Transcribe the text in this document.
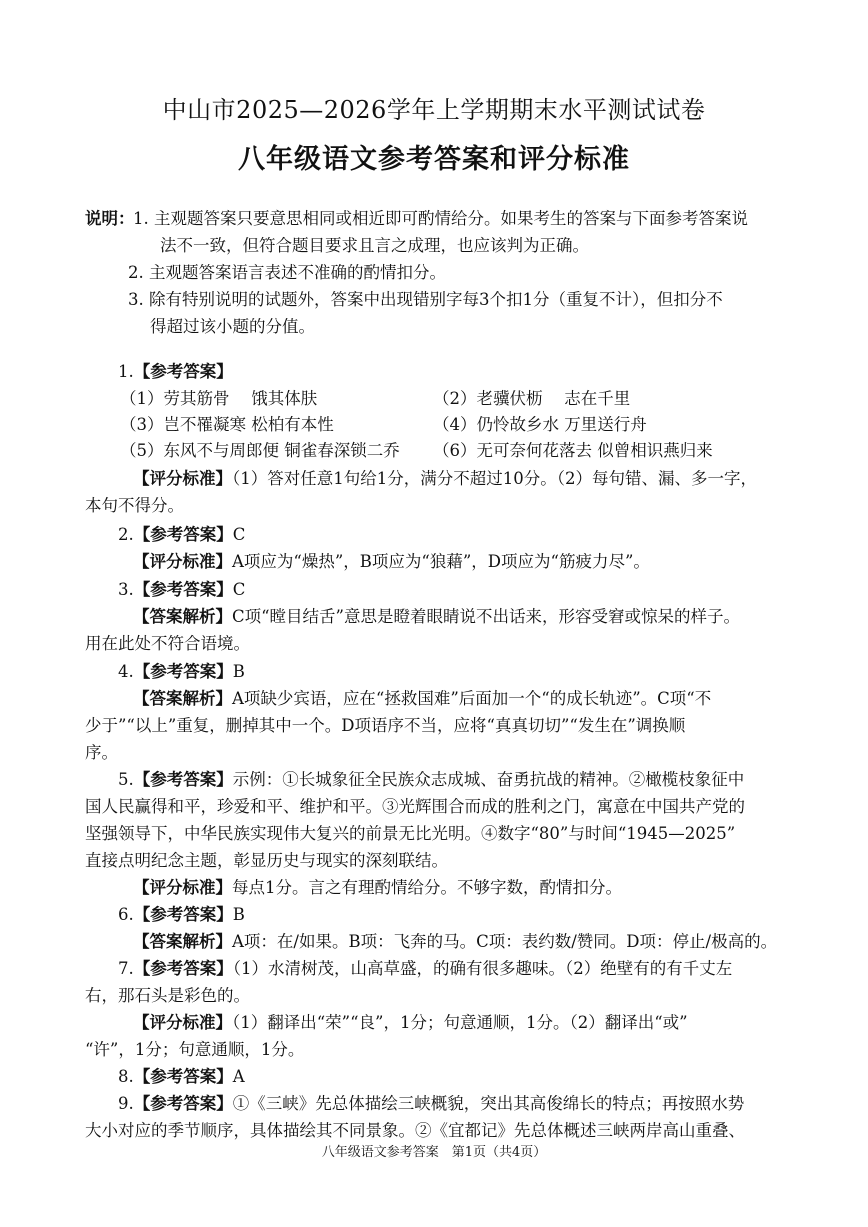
中山市2025—2026学年上学期期末水平测试试卷
八年级语文参考答案和评分标准
说明：
1. 主观题答案只要意思相同或相近即可酌情给分。如果考生的答案与下面参考答案说
法不一致，但符合题目要求且言之成理，也应该判为正确。
2. 主观题答案语言表述不准确的酌情扣分。
3. 除有特别说明的试题外，答案中出现错别字每3个扣1分（重复不计），但扣分不
得超过该小题的分值。
1.【参考答案】
（1）劳其筋骨　 饿其体肤	（2）老骥伏枥　 志在千里
（3）岂不罹凝寒 松柏有本性	（4）仍怜故乡水 万里送行舟
（5）东风不与周郎便 铜雀春深锁二乔 （6）无可奈何花落去 似曾相识燕归来
【评分标准】（1）答对任意1句给1分，满分不超过10分。（2）每句错、漏、多一字，
本句不得分。
2.【参考答案】C
【评分标准】A项应为“燥热”，B项应为“狼藉”，D项应为“筋疲力尽”。
3.【参考答案】C
【答案解析】C项“瞠目结舌”意思是瞪着眼睛说不出话来，形容受窘或惊呆的样子。
用在此处不符合语境。
4.【参考答案】B
【答案解析】A项缺少宾语，应在“拯救国难”后面加一个“的成长轨迹”。C项“不
少于”“以上”重复，删掉其中一个。D项语序不当，应将“真真切切”“发生在”调换顺
序。
5.【参考答案】示例：①长城象征全民族众志成城、奋勇抗战的精神。②橄榄枝象征中
国人民赢得和平，珍爱和平、维护和平。③光辉围合而成的胜利之门，寓意在中国共产党的
坚强领导下，中华民族实现伟大复兴的前景无比光明。④数字“80”与时间“1945—2025”
直接点明纪念主题，彰显历史与现实的深刻联结。
【评分标准】每点1分。言之有理酌情给分。不够字数，酌情扣分。
6.【参考答案】B
【答案解析】A项：在/如果。B项：飞奔的马。C项：表约数/赞同。D项：停止/极高的。
7.【参考答案】（1）水清树茂，山高草盛，的确有很多趣味。（2）绝壁有的有千丈左
右，那石头是彩色的。
【评分标准】（1）翻译出“荣”“良”，1分；句意通顺，1分。（2）翻译出“或”
“许”，1分；句意通顺，1分。
8.【参考答案】A
9.【参考答案】①《三峡》先总体描绘三峡概貌，突出其高俊绵长的特点；再按照水势
大小对应的季节顺序，具体描绘其不同景象。②《宜都记》先总体概述三峡两岸高山重叠、
八年级语文参考答案　第1页（共4页）
